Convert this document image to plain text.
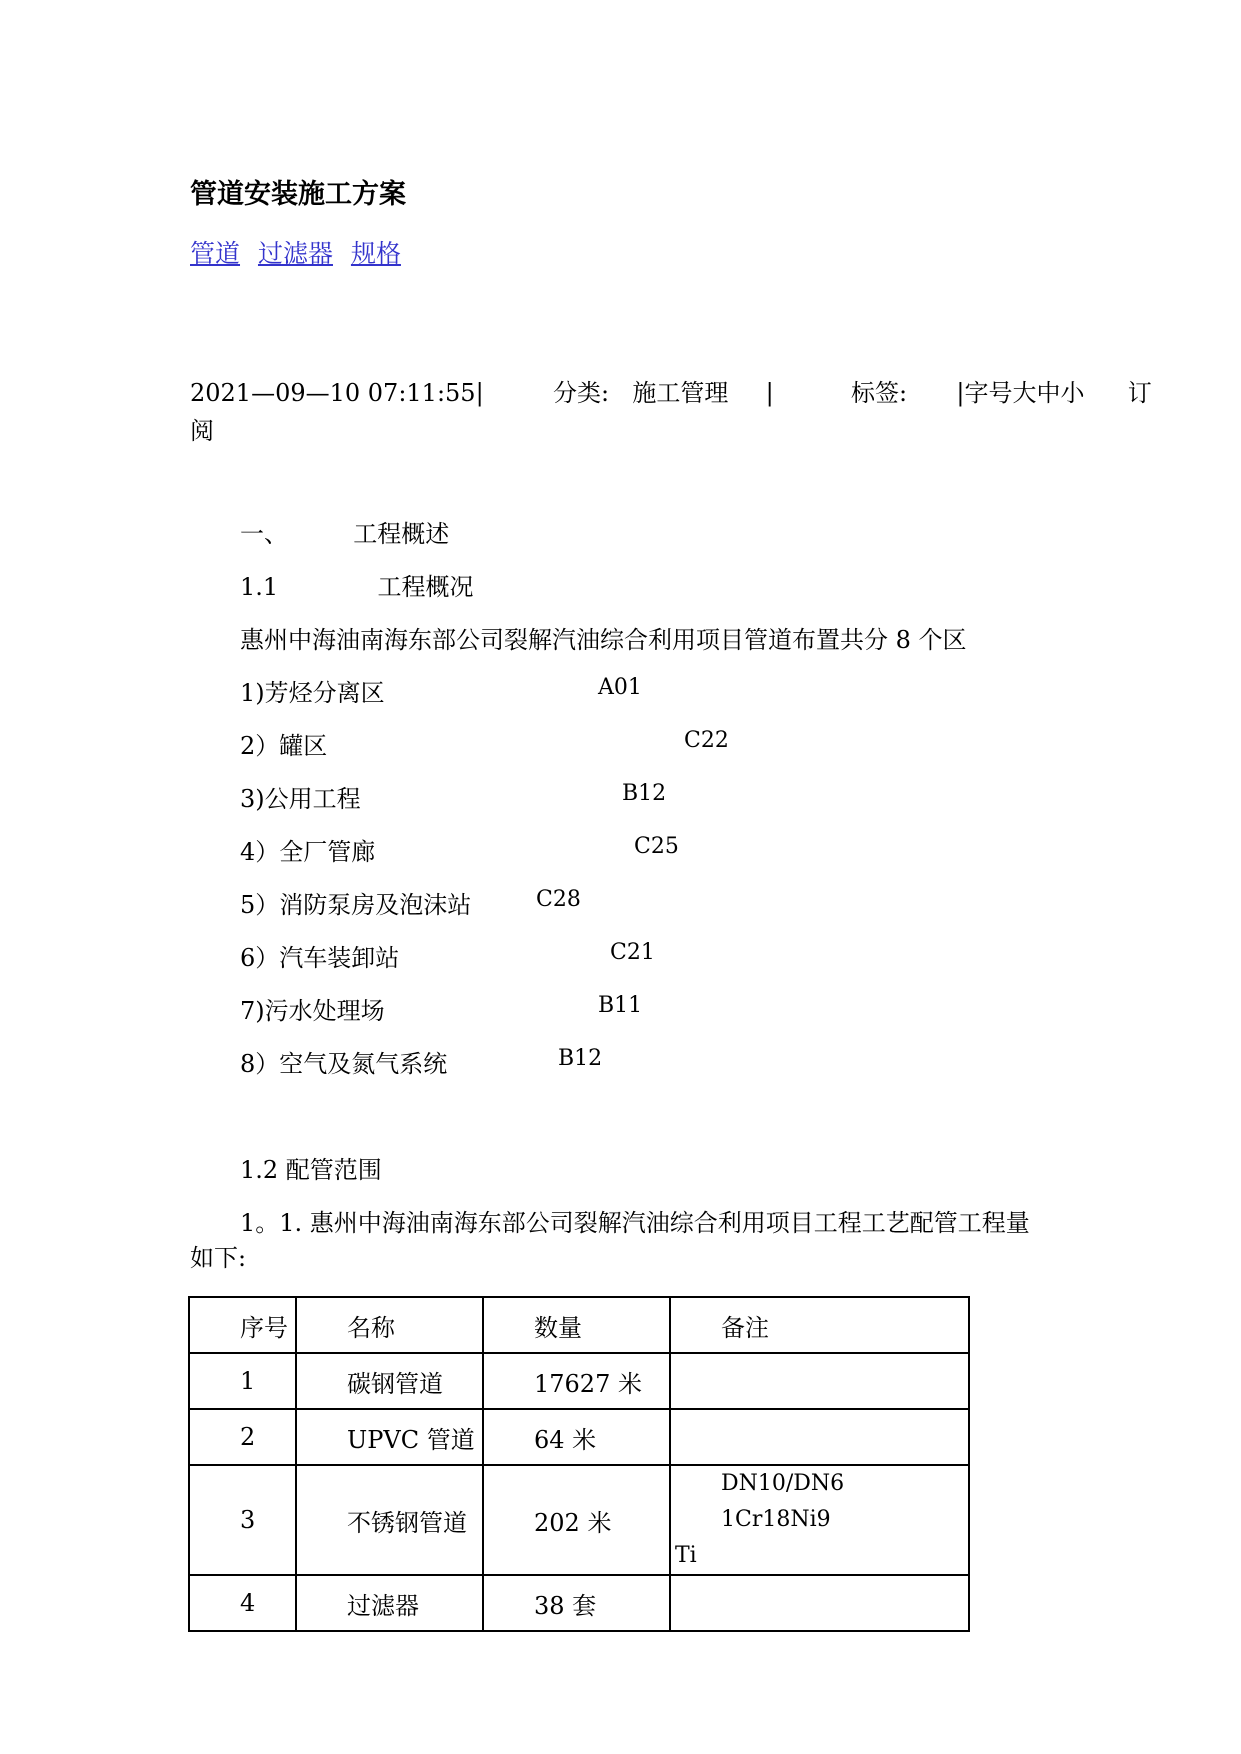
管道安装施工方案
管道 过滤器 规格
2021—09—10 07:11:55|	分类: 施工管理 |	标签: |字号大中小 订
阅
一、	工程概述
1.1	工程概况
惠州中海油南海东部公司裂解汽油综合利用项目管道布置共分 8 个区
1)芳烃分离区	A01
2）罐区	C22
3)公用工程	B12
4）全厂管廊	C25
5）消防泵房及泡沫站	C28
6）汽车装卸站	C21
7)污水处理场	B11
8）空气及氮气系统	B12
1.2 配管范围
1。1. 惠州中海油南海东部公司裂解汽油综合利用项目工程工艺配管工程量
如下:
序号	名称	数量	备注

1	碳钢管道	17627 米	

2	UPVC 管道	64 米	

3	不锈钢管道	202 米	DN10/DN6 1Cr18Ni9
Ti

4	过滤器	38 套	
